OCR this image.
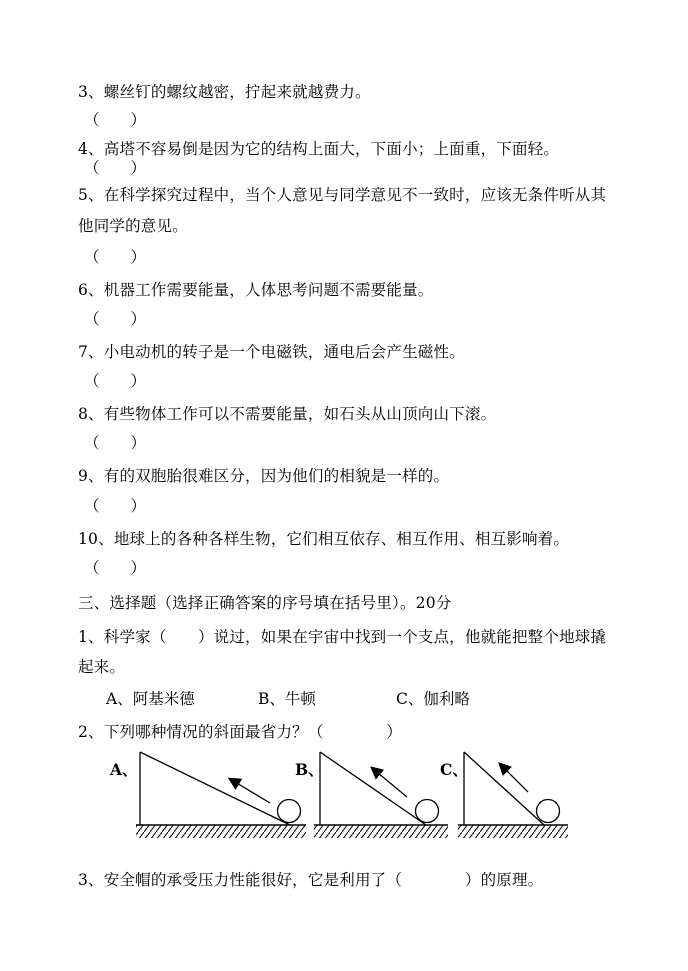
3、螺丝钉的螺纹越密，拧起来就越费力。
（　　）
4、高塔不容易倒是因为它的结构上面大，下面小；上面重，下面轻。
（　　）
5、在科学探究过程中，当个人意见与同学意见不一致时，应该无条件听从其
他同学的意见。
（　　）
6、机器工作需要能量，人体思考问题不需要能量。
（　　）
7、小电动机的转子是一个电磁铁，通电后会产生磁性。
（　　）
8、有些物体工作可以不需要能量，如石头从山顶向山下滚。
（　　）
9、有的双胞胎很难区分，因为他们的相貌是一样的。
（　　）
10、地球上的各种各样生物，它们相互依存、相互作用、相互影响着。
（　　）
三、选择题（选择正确答案的序号填在括号里）。20分
1、科学家（　　）说过，如果在宇宙中找到一个支点，他就能把整个地球撬
起来。
A、阿基米德	B、牛顿	C、伽利略
2、下列哪种情况的斜面最省力？（　　　　）
A、	B、	C、
3、安全帽的承受压力性能很好，它是利用了（　　　　）的原理。
